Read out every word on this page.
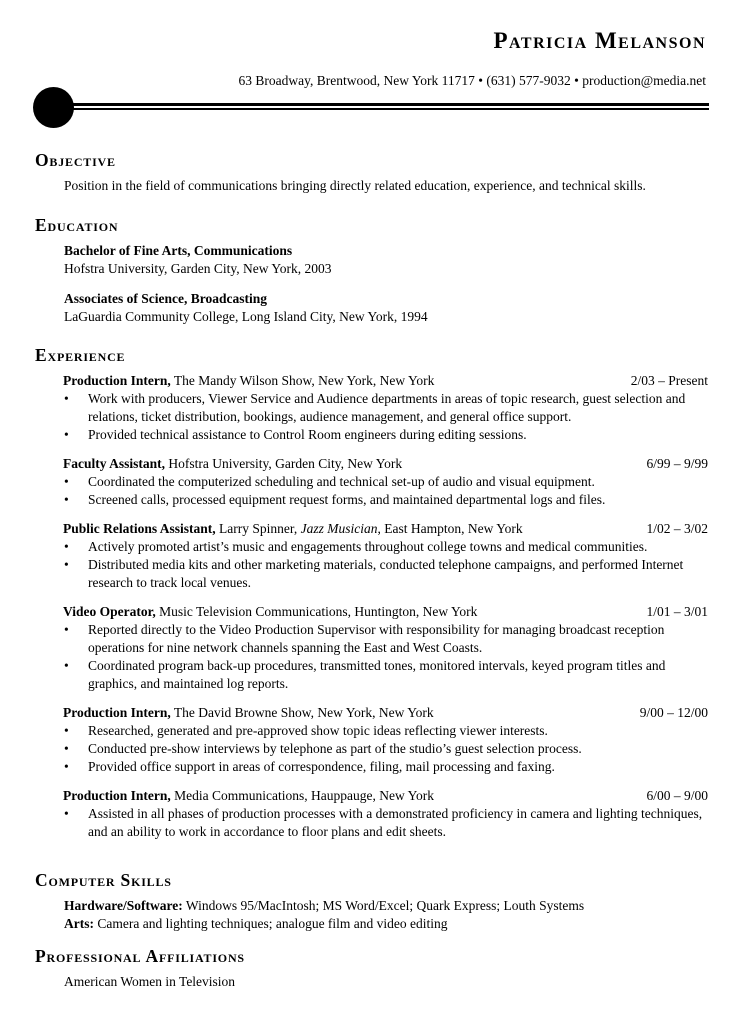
Patricia Melanson
63 Broadway, Brentwood, New York 11717 • (631) 577-9032 • production@media.net
Objective
Position in the field of communications bringing directly related education, experience, and technical skills.
Education
Bachelor of Fine Arts, Communications
Hofstra University, Garden City, New York, 2003
Associates of Science, Broadcasting
LaGuardia Community College, Long Island City, New York, 1994
Experience
Production Intern, The Mandy Wilson Show, New York, New York	2/03 – Present
• Work with producers, Viewer Service and Audience departments in areas of topic research, guest selection and relations, ticket distribution, bookings, audience management, and general office support.
• Provided technical assistance to Control Room engineers during editing sessions.
Faculty Assistant, Hofstra University, Garden City, New York	6/99 – 9/99
• Coordinated the computerized scheduling and technical set-up of audio and visual equipment.
• Screened calls, processed equipment request forms, and maintained departmental logs and files.
Public Relations Assistant, Larry Spinner, Jazz Musician, East Hampton, New York	1/02 – 3/02
• Actively promoted artist’s music and engagements throughout college towns and medical communities.
• Distributed media kits and other marketing materials, conducted telephone campaigns, and performed Internet research to track local venues.
Video Operator, Music Television Communications, Huntington, New York	1/01 – 3/01
• Reported directly to the Video Production Supervisor with responsibility for managing broadcast reception operations for nine network channels spanning the East and West Coasts.
• Coordinated program back-up procedures, transmitted tones, monitored intervals, keyed program titles and graphics, and maintained log reports.
Production Intern, The David Browne Show, New York, New York	9/00 – 12/00
• Researched, generated and pre-approved show topic ideas reflecting viewer interests.
• Conducted pre-show interviews by telephone as part of the studio’s guest selection process.
• Provided office support in areas of correspondence, filing, mail processing and faxing.
Production Intern, Media Communications, Hauppauge, New York	6/00 – 9/00
• Assisted in all phases of production processes with a demonstrated proficiency in camera and lighting techniques, and an ability to work in accordance to floor plans and edit sheets.
Computer Skills
Hardware/Software: Windows 95/MacIntosh; MS Word/Excel; Quark Express; Louth Systems
Arts: Camera and lighting techniques; analogue film and video editing
Professional Affiliations
American Women in Television
